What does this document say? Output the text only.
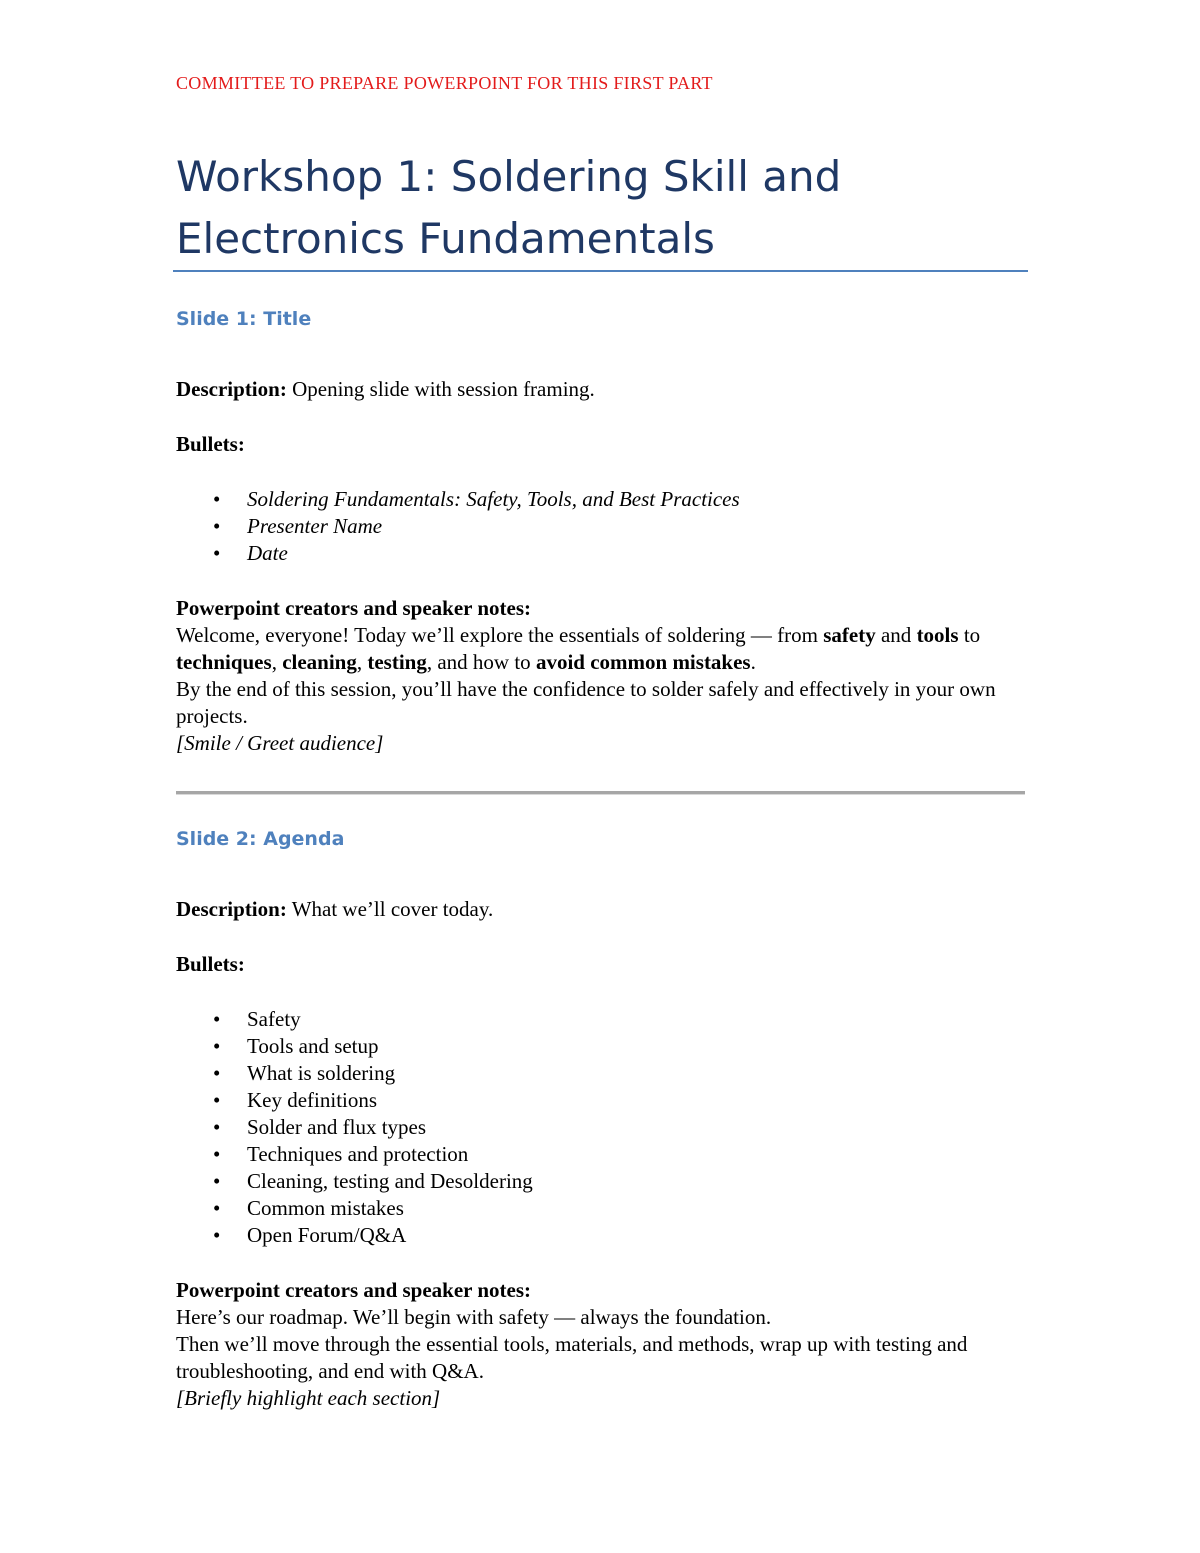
COMMITTEE TO PREPARE POWERPOINT FOR THIS FIRST PART
Workshop 1: Soldering Skill and
Electronics Fundamentals
Slide 1: Title

Description: Opening slide with session framing.

Bullets:

• Soldering Fundamentals: Safety, Tools, and Best Practices
• Presenter Name
• Date

Powerpoint creators and speaker notes:

Welcome, everyone! Today we’ll explore the essentials of soldering — from safety and tools to techniques, cleaning, testing, and how to avoid common mistakes.

By the end of this session, you’ll have the confidence to solder safely and effectively in your own projects.

[Smile / Greet audience]

Slide 2: Agenda

Description: What we’ll cover today.

Bullets:

• Safety
• Tools and setup
• What is soldering
• Key definitions
• Solder and flux types
• Techniques and protection
• Cleaning, testing and Desoldering
• Common mistakes
• Open Forum/Q&A

Powerpoint creators and speaker notes:

Here’s our roadmap. We’ll begin with safety — always the foundation.

Then we’ll move through the essential tools, materials, and methods, wrap up with testing and troubleshooting, and end with Q&A.

[Briefly highlight each section]
